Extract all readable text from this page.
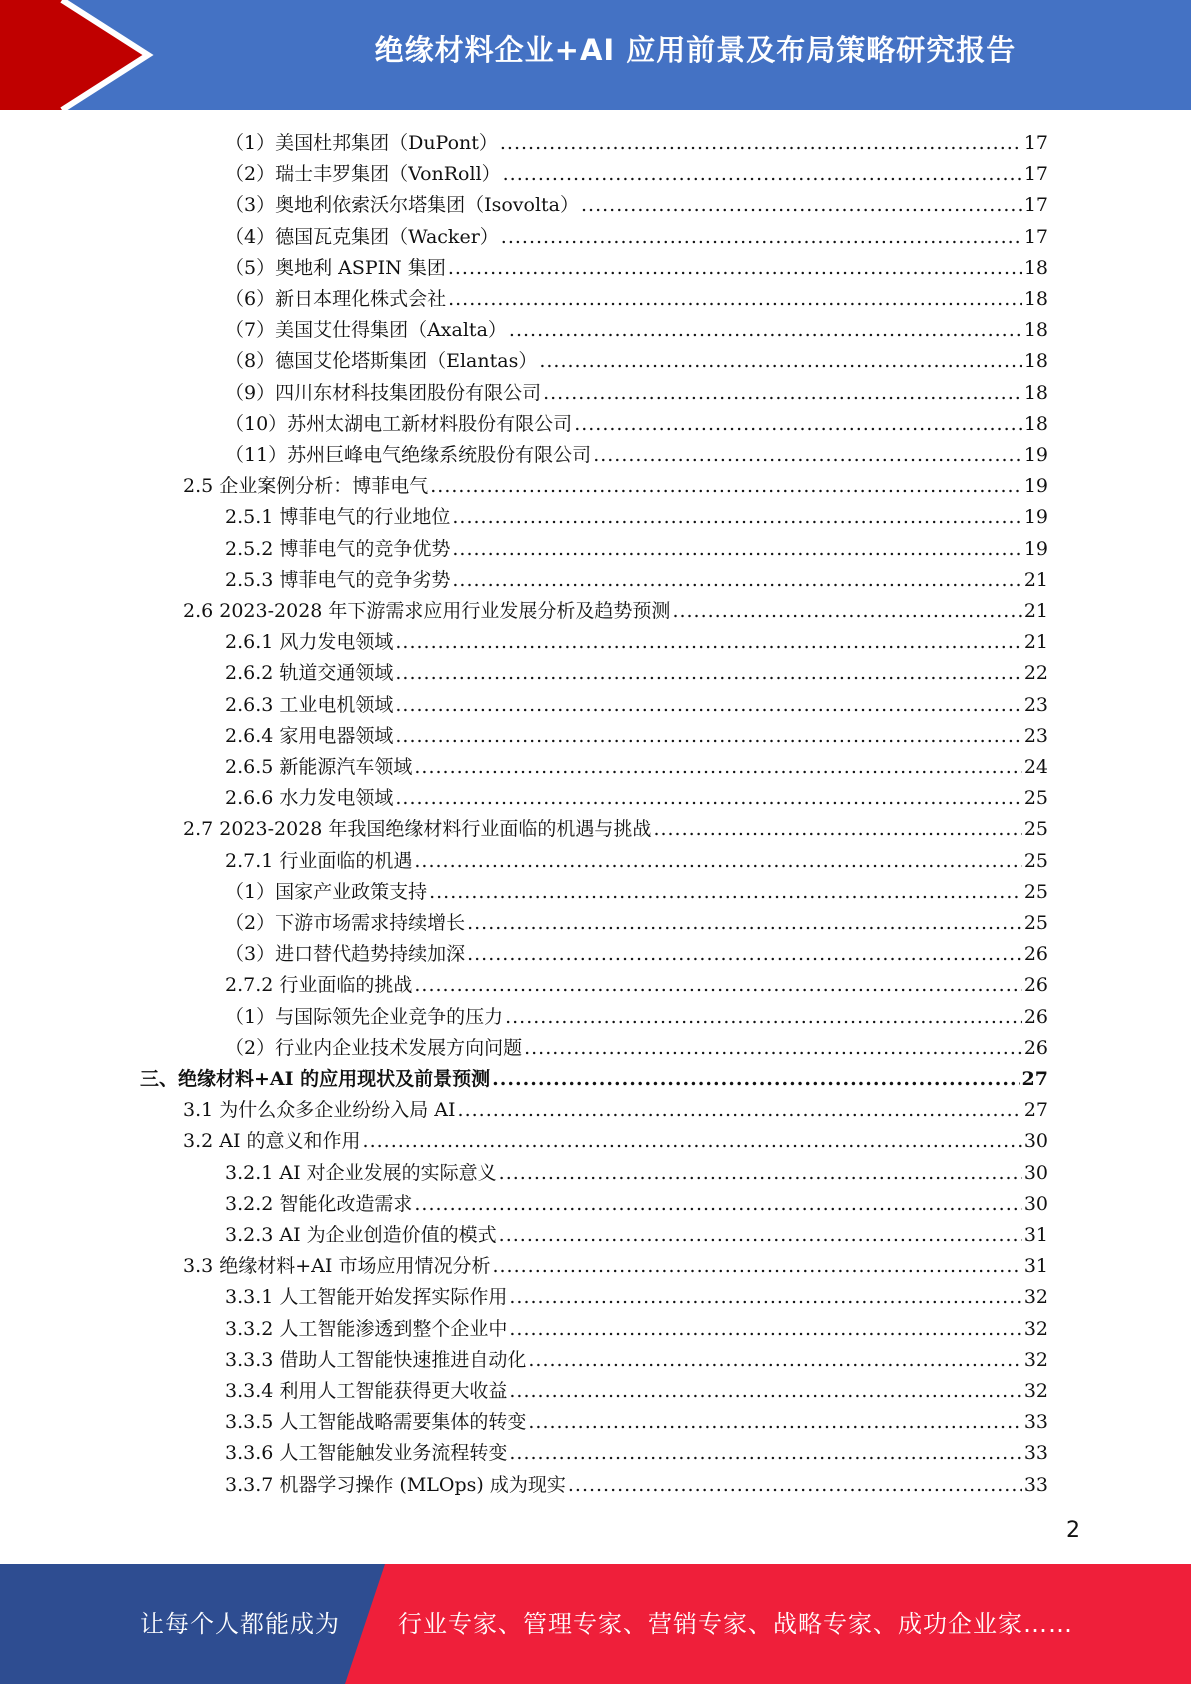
绝缘材料企业+AI 应用前景及布局策略研究报告
（1）美国杜邦集团（DuPont） .....	17
（2）瑞士丰罗集团（VonRoll） .....	17
（3）奥地利依索沃尔塔集团（Isovolta） .....	17
（4）德国瓦克集团（Wacker） .....	17
（5）奥地利 ASPIN 集团 .....	18
（6）新日本理化株式会社 .....	18
（7）美国艾仕得集团（Axalta） .....	18
（8）德国艾伦塔斯集团（Elantas） .....	18
（9）四川东材科技集团股份有限公司 .....	18
（10）苏州太湖电工新材料股份有限公司 .....	18
（11）苏州巨峰电气绝缘系统股份有限公司 .....	19
2.5 企业案例分析：博菲电气 .....	19
2.5.1 博菲电气的行业地位 .....	19
2.5.2 博菲电气的竞争优势 .....	19
2.5.3 博菲电气的竞争劣势 .....	21
2.6 2023-2028 年下游需求应用行业发展分析及趋势预测 .....	21
2.6.1 风力发电领域 .....	21
2.6.2 轨道交通领域 .....	22
2.6.3 工业电机领域 .....	23
2.6.4 家用电器领域 .....	23
2.6.5 新能源汽车领域 .....	24
2.6.6 水力发电领域 .....	25
2.7 2023-2028 年我国绝缘材料行业面临的机遇与挑战 .....	25
2.7.1 行业面临的机遇 .....	25
（1）国家产业政策支持 .....	25
（2）下游市场需求持续增长 .....	25
（3）进口替代趋势持续加深 .....	26
2.7.2 行业面临的挑战 .....	26
（1）与国际领先企业竞争的压力 .....	26
（2）行业内企业技术发展方向问题 .....	26
三、绝缘材料+AI 的应用现状及前景预测 .....	27
3.1 为什么众多企业纷纷入局 AI .....	27
3.2 AI 的意义和作用 .....	30
3.2.1 AI 对企业发展的实际意义 .....	30
3.2.2 智能化改造需求 .....	30
3.2.3 AI 为企业创造价值的模式 .....	31
3.3 绝缘材料+AI 市场应用情况分析 .....	31
3.3.1 人工智能开始发挥实际作用 .....	32
3.3.2 人工智能渗透到整个企业中 .....	32
3.3.3 借助人工智能快速推进自动化 .....	32
3.3.4 利用人工智能获得更大收益 .....	32
3.3.5 人工智能战略需要集体的转变 .....	33
3.3.6 人工智能触发业务流程转变 .....	33
3.3.7 机器学习操作 (MLOps) 成为现实 .....	33
2
让每个人都能成为 行业专家、管理专家、营销专家、战略专家、成功企业家……
